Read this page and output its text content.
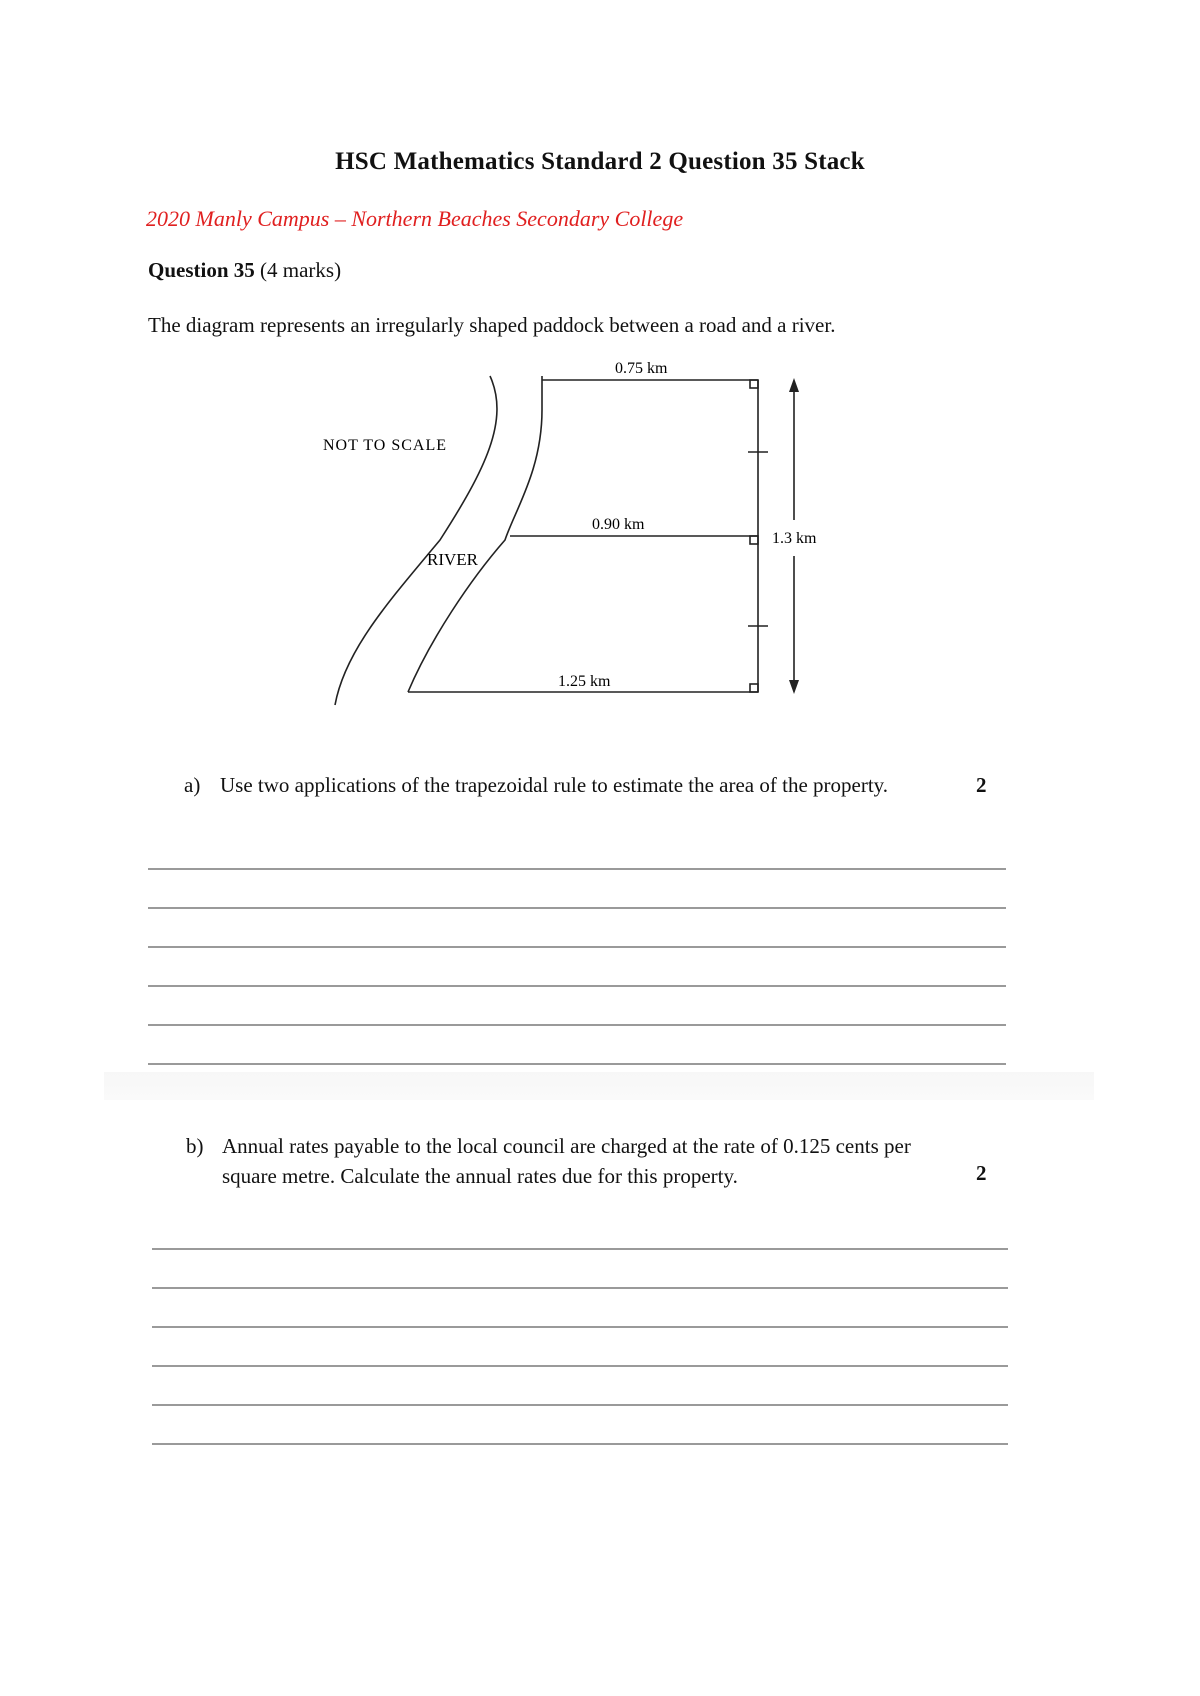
HSC Mathematics Standard 2 Question 35 Stack
2020 Manly Campus – Northern Beaches Secondary College
Question 35 (4 marks)
The diagram represents an irregularly shaped paddock between a road and a river.
NOT TO SCALE
RIVER
0.75 km
0.90 km
1.25 km
1.3 km
a) Use two applications of the trapezoidal rule to estimate the area of the property.	2
b) Annual rates payable to the local council are charged at the rate of 0.125 cents per
square metre. Calculate the annual rates due for this property.	2
